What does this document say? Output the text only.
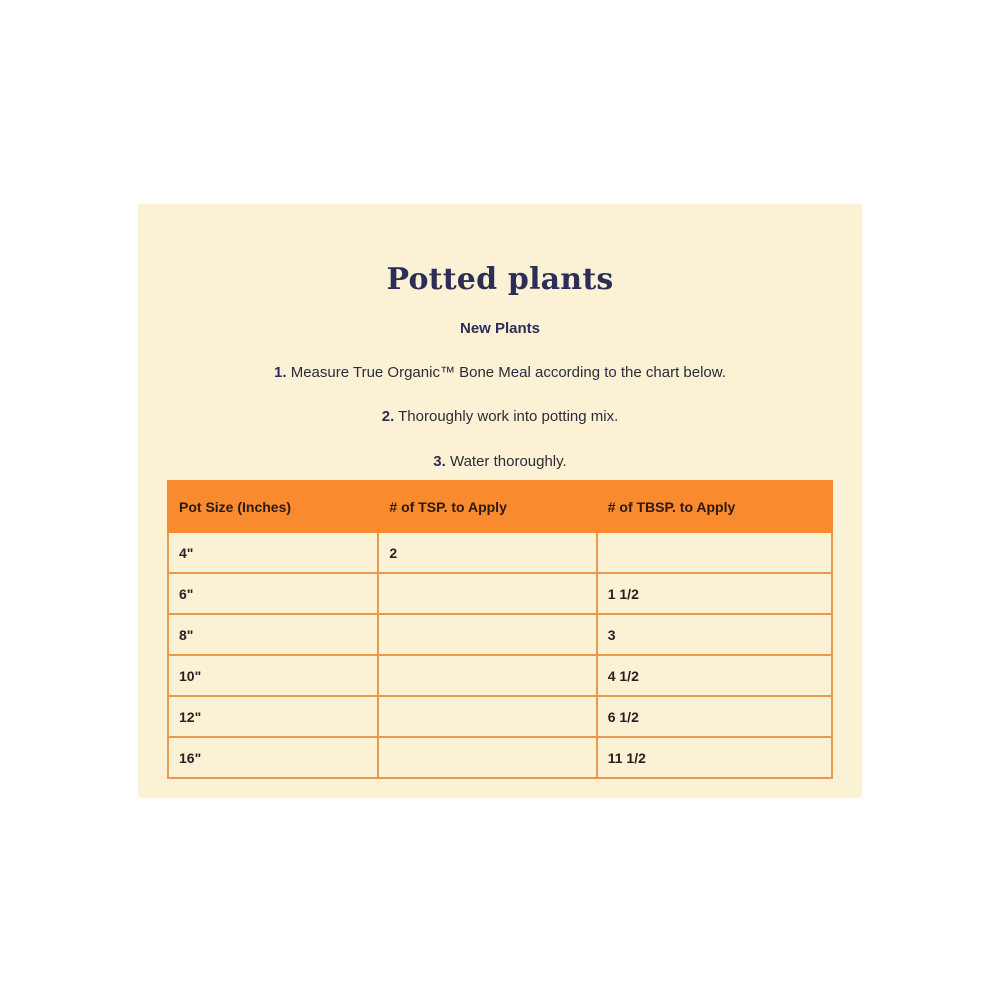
Potted plants
New Plants
1. Measure True Organic™ Bone Meal according to the chart below.
2. Thoroughly work into potting mix.
3. Water thoroughly.
Pot Size (Inches)	# of TSP. to Apply	# of TBSP. to Apply
4"	2	
6"		1 1/2
8"		3
10"		4 1/2
12"		6 1/2
16"		11 1/2
